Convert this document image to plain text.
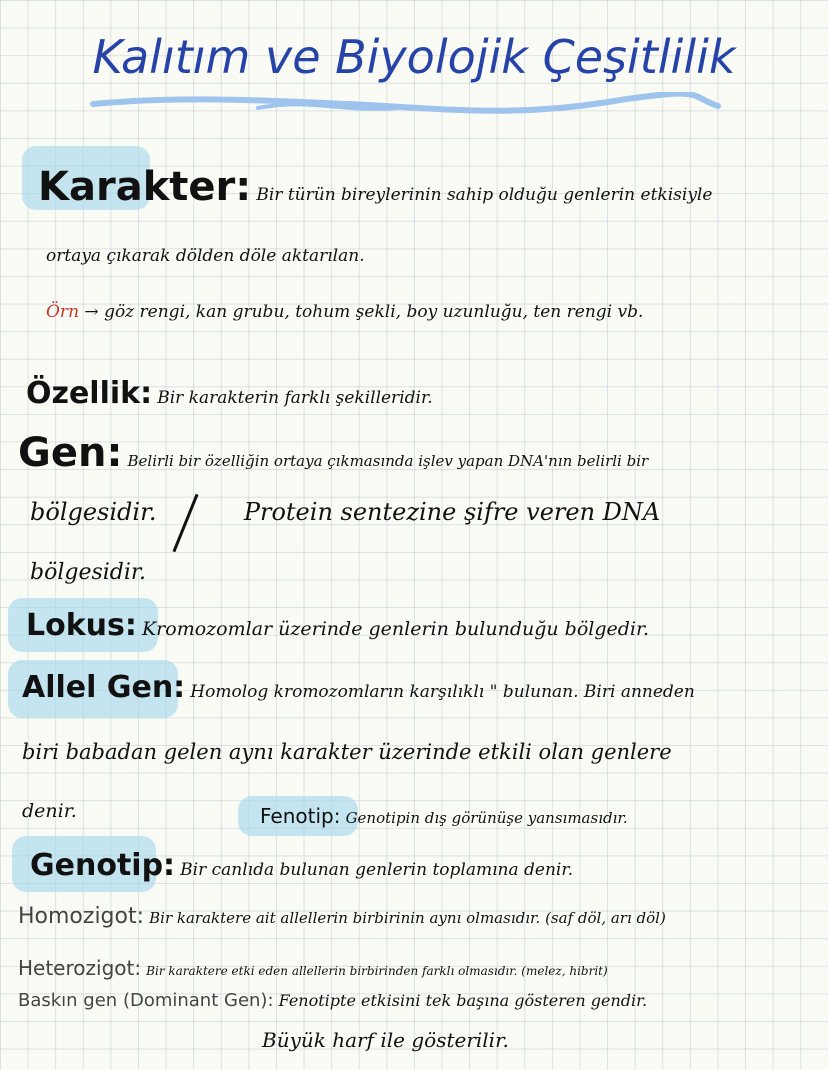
Kalıtım ve Biyolojik Çeşitlilik
Karakter: Bir türün bireylerinin sahip olduğu genlerin etkisiyle
ortaya çıkarak dölden döle aktarılan.
Örn → göz rengi, kan grubu, tohum şekli, boy uzunluğu, ten rengi vb.
Özellik: Bir karakterin farklı şekilleridir.
Gen: Belirli bir özelliğin ortaya çıkmasında işlev yapan DNA'nın belirli bir
bölgesidir.	Protein sentezine şifre veren DNA
bölgesidir.
Lokus: Kromozomlar üzerinde genlerin bulunduğu bölgedir.
Allel Gen: Homolog kromozomların karşılıklı " bulunan. Biri anneden
biri babadan gelen aynı karakter üzerinde etkili olan genlere
denir.	Fenotip: Genotipin dış görünüşe yansımasıdır.
Genotip: Bir canlıda bulunan genlerin toplamına denir.
Homozigot: Bir karaktere ait allellerin birbirinin aynı olmasıdır. (saf döl, arı döl)
Heterozigot: Bir karaktere etki eden allellerin birbirinden farklı olmasıdır. (melez, hibrit)
Baskın gen (Dominant Gen): Fenotipte etkisini tek başına gösteren gendir.
Büyük harf ile gösterilir.
